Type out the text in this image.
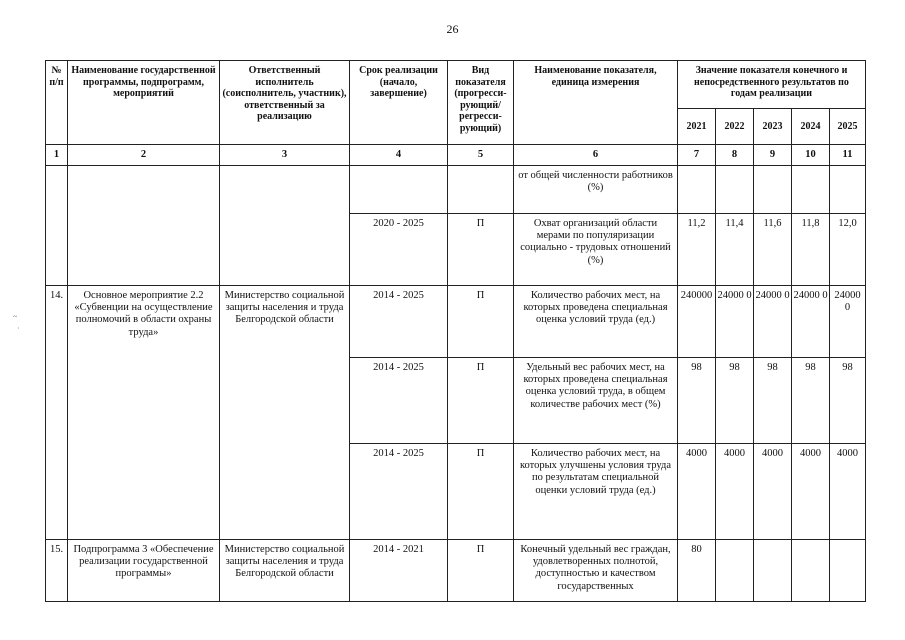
26
№ п/п	Наименование государственной программы, подпрограмм, мероприятий	Ответственный исполнитель (соисполнитель, участник), ответственный за реализацию	Срок реализации (начало, завершение)	Вид показателя (прогресси-рующий/ регресси-рующий)	Наименование показателя, единица измерения	Значение показателя конечного и непосредственного результатов по годам реализации				
						2021	2022	2023	2024	2025
1	2	3	4	5	6	7	8	9	10	11
					от общей численности работников (%)					
			2020 - 2025	П	Охват организаций области мерами по популяризации социально - трудовых отношений (%)	11,2	11,4	11,6	11,8	12,0
14.	Основное мероприятие 2.2 «Субвенции на осуществление полномочий в области охраны труда»	Министерство социальной защиты населения и труда Белгородской области	2014 - 2025	П	Количество рабочих мест, на которых проведена специальная оценка условий труда (ед.)	240000	24000 0	24000 0	24000 0	24000 0
			2014 - 2025	П	Удельный вес рабочих мест, на которых проведена специальная оценка условий труда, в общем количестве рабочих мест (%)	98	98	98	98	98
			2014 - 2025	П	Количество рабочих мест, на которых улучшены условия труда по результатам специальной оценки условий труда (ед.)	4000	4000	4000	4000	4000
15.	Подпрограмма 3 «Обеспечение реализации государственной программы»	Министерство социальной защиты населения и труда Белгородской области	2014 - 2021	П	Конечный удельный вес граждан, удовлетворенных полнотой, доступностью и качеством государственных	80				
~
·
